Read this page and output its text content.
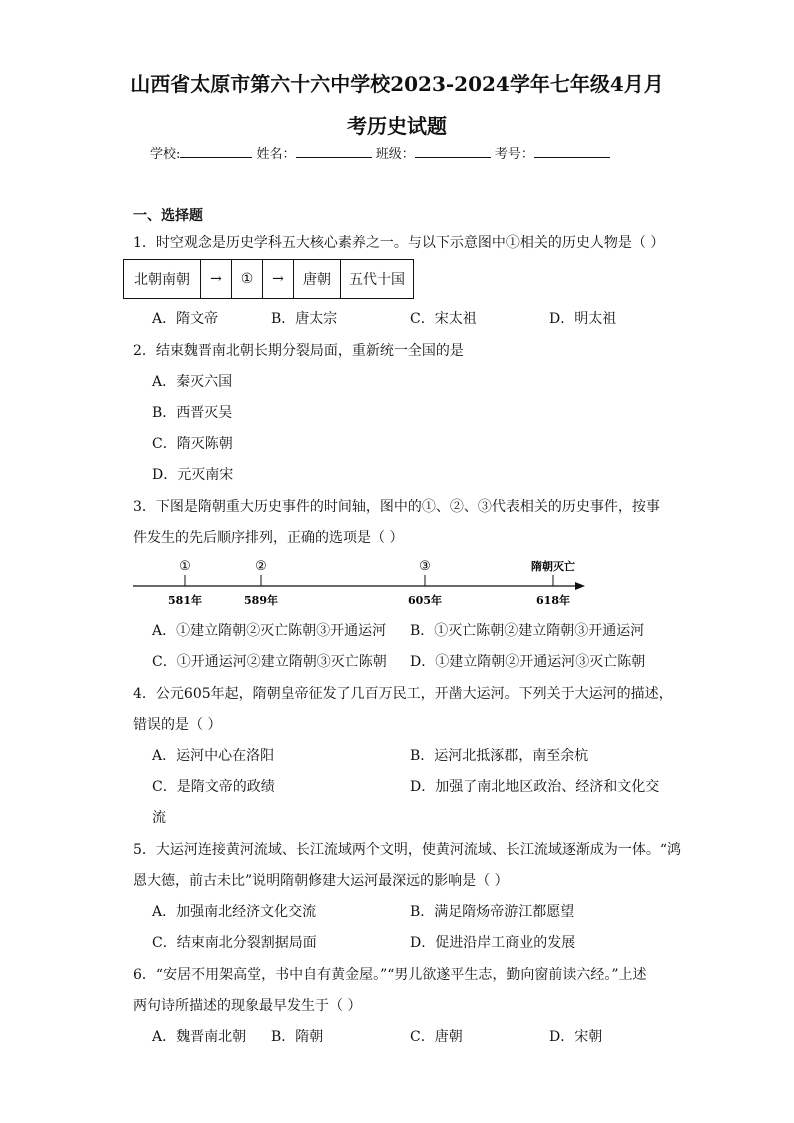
山西省太原市第六十六中学校2023-2024学年七年级4月月
考历史试题
学校:	姓名：	班级：	考号：
一、选择题
1．时空观念是历史学科五大核心素养之一。与以下示意图中①相关的历史人物是（ ）
北朝南朝	→	①	→	唐朝	五代十国
A．隋文帝	B．唐太宗	C．宋太祖	D．明太祖
2．结束魏晋南北朝长期分裂局面，重新统一全国的是
A．秦灭六国
B．西晋灭吴
C．隋灭陈朝
D．元灭南宋
3．下图是隋朝重大历史事件的时间轴，图中的①、②、③代表相关的历史事件，按事
件发生的先后顺序排列，正确的选项是（ ）
①	②	③	隋朝灭亡
581年	589年	605年	618年
A．①建立隋朝②灭亡陈朝③开通运河 B．①灭亡陈朝②建立隋朝③开通运河
C．①开通运河②建立隋朝③灭亡陈朝 D．①建立隋朝②开通运河③灭亡陈朝
4．公元605年起，隋朝皇帝征发了几百万民工，开凿大运河。下列关于大运河的描述，
错误的是（ ）
A．运河中心在洛阳	B．运河北抵涿郡，南至余杭
C．是隋文帝的政绩	D．加强了南北地区政治、经济和文化交
流
5．大运河连接黄河流域、长江流域两个文明，使黄河流域、长江流域逐渐成为一体。“鸿
恩大德，前古未比”说明隋朝修建大运河最深远的影响是（ ）
A．加强南北经济文化交流	B．满足隋炀帝游江都愿望
C．结束南北分裂割据局面	D．促进沿岸工商业的发展
6．“安居不用架高堂，书中自有黄金屋。”“男儿欲遂平生志，勤向窗前读六经。”上述
两句诗所描述的现象最早发生于（ ）
A．魏晋南北朝 B．隋朝	C．唐朝	D．宋朝
